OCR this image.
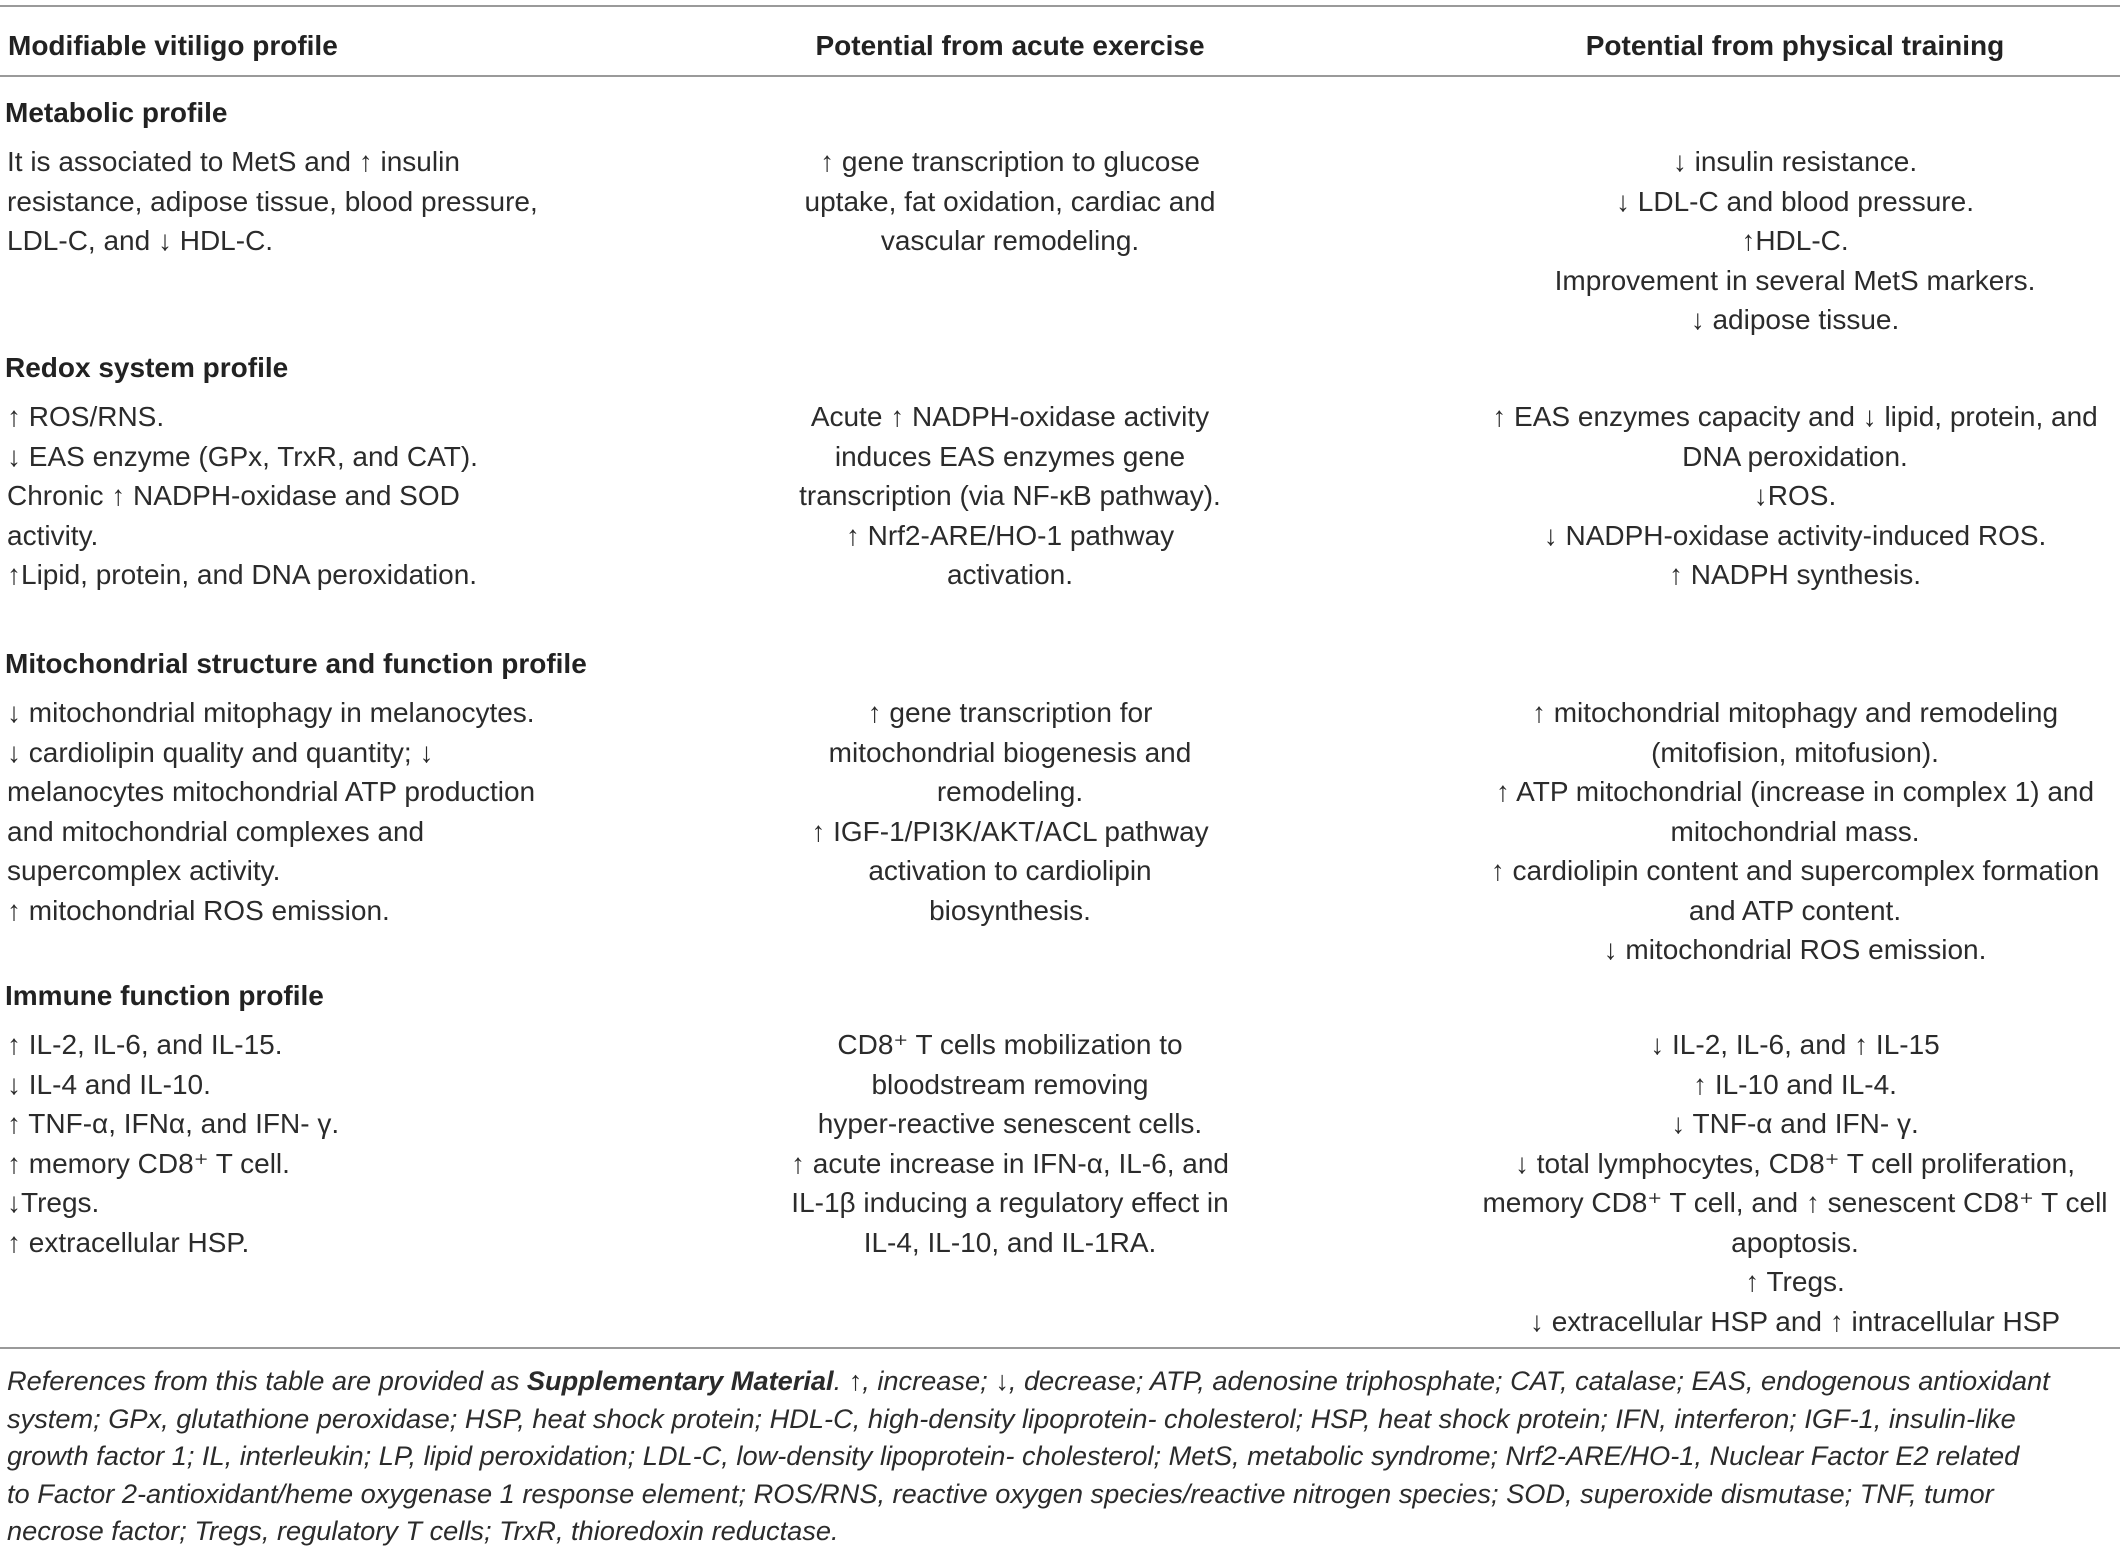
Modifiable vitiligo profile	Potential from acute exercise	Potential from physical training
Metabolic profile
It is associated to MetS and ↑ insulin
resistance, adipose tissue, blood pressure,
LDL-C, and ↓ HDL-C.
↑ gene transcription to glucose
uptake, fat oxidation, cardiac and
vascular remodeling.
↓ insulin resistance.
↓ LDL-C and blood pressure.
↑HDL-C.
Improvement in several MetS markers.
↓ adipose tissue.
Redox system profile
↑ ROS/RNS.
↓ EAS enzyme (GPx, TrxR, and CAT).
Chronic ↑ NADPH-oxidase and SOD
activity.
↑Lipid, protein, and DNA peroxidation.
Acute ↑ NADPH-oxidase activity
induces EAS enzymes gene
transcription (via NF-κB pathway).
↑ Nrf2-ARE/HO-1 pathway
activation.
↑ EAS enzymes capacity and ↓ lipid, protein, and
DNA peroxidation.
↓ROS.
↓ NADPH-oxidase activity-induced ROS.
↑ NADPH synthesis.
Mitochondrial structure and function profile
↓ mitochondrial mitophagy in melanocytes.
↓ cardiolipin quality and quantity; ↓
melanocytes mitochondrial ATP production
and mitochondrial complexes and
supercomplex activity.
↑ mitochondrial ROS emission.
↑ gene transcription for
mitochondrial biogenesis and
remodeling.
↑ IGF-1/PI3K/AKT/ACL pathway
activation to cardiolipin
biosynthesis.
↑ mitochondrial mitophagy and remodeling
(mitofision, mitofusion).
↑ ATP mitochondrial (increase in complex 1) and
mitochondrial mass.
↑ cardiolipin content and supercomplex formation
and ATP content.
↓ mitochondrial ROS emission.
Immune function profile
↑ IL-2, IL-6, and IL-15.
↓ IL-4 and IL-10.
↑ TNF-α, IFNα, and IFN- γ.
↑ memory CD8⁺ T cell.
↓Tregs.
↑ extracellular HSP.
CD8⁺ T cells mobilization to
bloodstream removing
hyper-reactive senescent cells.
↑ acute increase in IFN-α, IL-6, and
IL-1β inducing a regulatory effect in
IL-4, IL-10, and IL-1RA.
↓ IL-2, IL-6, and ↑ IL-15
↑ IL-10 and IL-4.
↓ TNF-α and IFN- γ.
↓ total lymphocytes, CD8⁺ T cell proliferation,
memory CD8⁺ T cell, and ↑ senescent CD8⁺ T cell
apoptosis.
↑ Tregs.
↓ extracellular HSP and ↑ intracellular HSP
References from this table are provided as Supplementary Material. ↑, increase; ↓, decrease; ATP, adenosine triphosphate; CAT, catalase; EAS, endogenous antioxidant
system; GPx, glutathione peroxidase; HSP, heat shock protein; HDL-C, high-density lipoprotein- cholesterol; HSP, heat shock protein; IFN, interferon; IGF-1, insulin-like
growth factor 1; IL, interleukin; LP, lipid peroxidation; LDL-C, low-density lipoprotein- cholesterol; MetS, metabolic syndrome; Nrf2-ARE/HO-1, Nuclear Factor E2 related
to Factor 2-antioxidant/heme oxygenase 1 response element; ROS/RNS, reactive oxygen species/reactive nitrogen species; SOD, superoxide dismutase; TNF, tumor
necrose factor; Tregs, regulatory T cells; TrxR, thioredoxin reductase.
